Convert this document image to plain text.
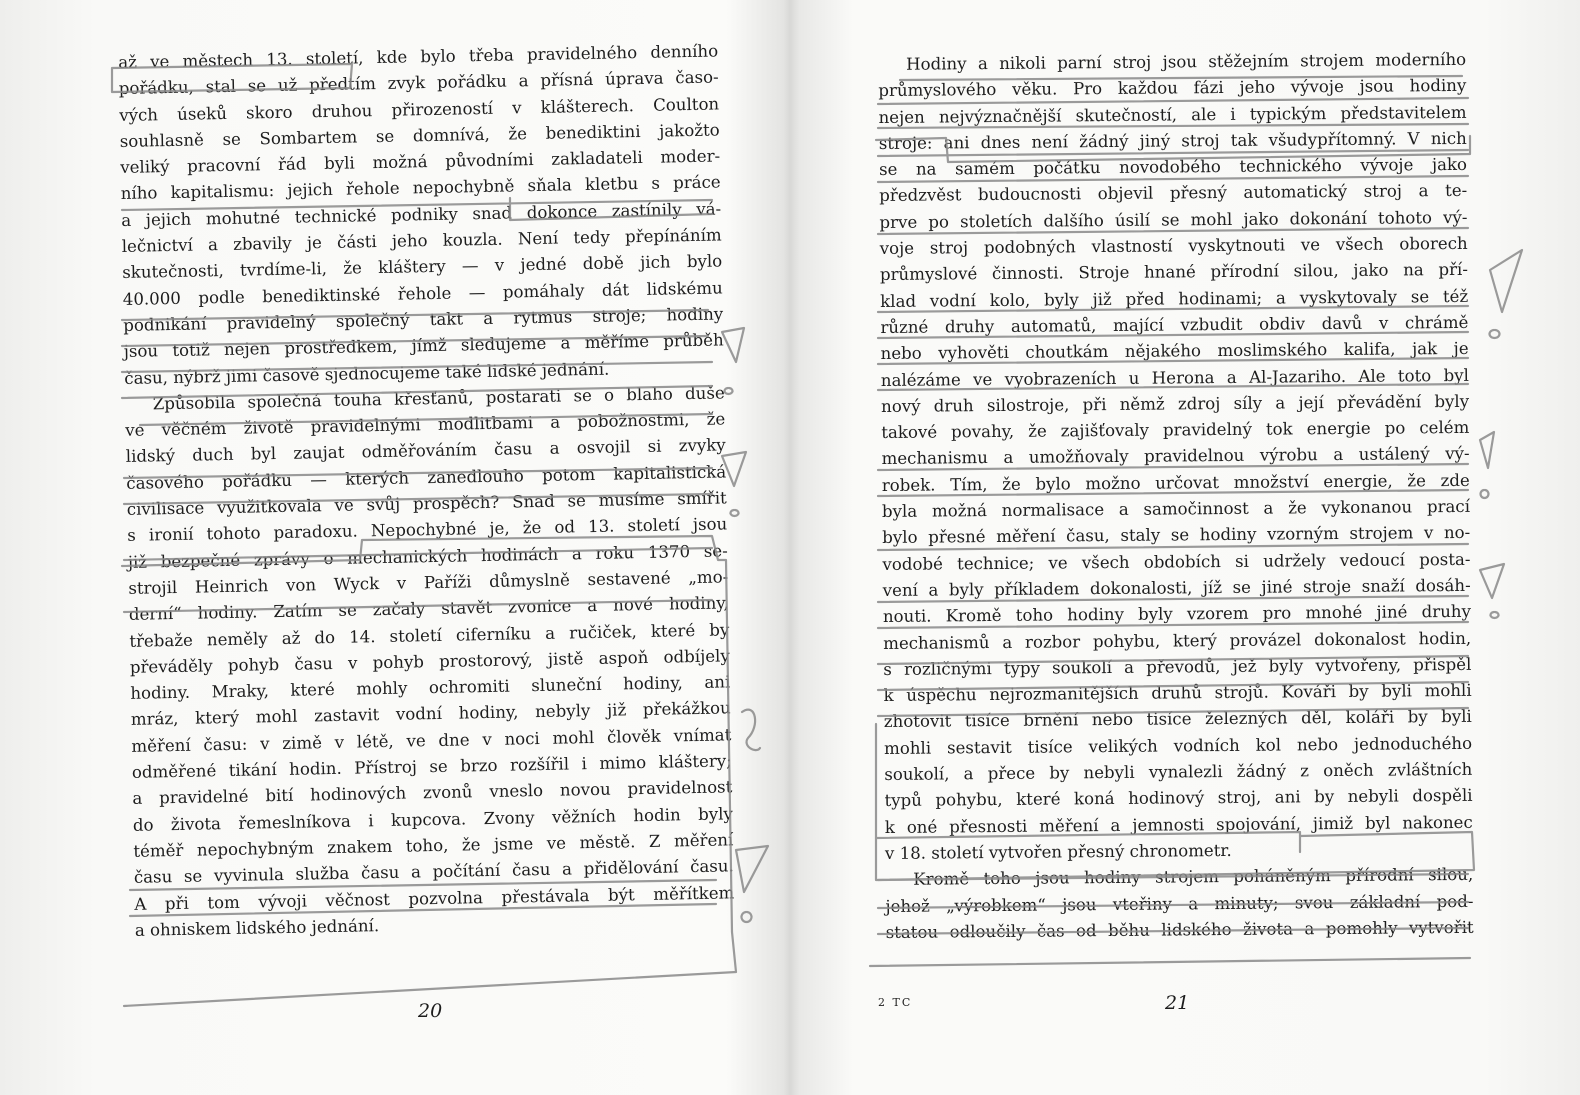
až ve městech 13. století, kde bylo třeba pravidelného denního
pořádku, stal se už předtím zvyk pořádku a přísná úprava časo-
vých úseků skoro druhou přirozeností v klášterech. Coulton
souhlasně se Sombartem se domnívá, že benediktini jakožto
veliký pracovní řád byli možná původními zakladateli moder-
ního kapitalismu: jejich řehole nepochybně sňala kletbu s práce
a jejich mohutné technické podniky snad dokonce zastínily vá-
lečnictví a zbavily je části jeho kouzla. Není tedy přepínáním
skutečnosti, tvrdíme-li, že kláštery — v jedné době jich bylo
40.000 podle benediktinské řehole — pomáhaly dát lidskému
podnikání pravidelný společný takt a rytmus stroje; hodiny
jsou totiž nejen prostředkem, jímž sledujeme a měříme průběh
času, nýbrž jimi časově sjednocujeme také lidské jednání.
Způsobila společná touha křesťanů, postarati se o blaho duše
ve věčném životě pravidelnými modlitbami a pobožnostmi, že
lidský duch byl zaujat odměřováním času a osvojil si zvyky
časového pořádku — kterých zanedlouho potom kapitalistická
civilisace využitkovala ve svůj prospěch? Snad se musíme smířit
s ironií tohoto paradoxu. Nepochybné je, že od 13. století jsou
již bezpečné zprávy o mechanických hodinách a roku 1370 se-
strojil Heinrich von Wyck v Paříži důmyslně sestavené „mo-
derní“ hodiny. Zatím se začaly stavět zvonice a nové hodiny,
třebaže neměly až do 14. století ciferníku a ručiček, které by
převáděly pohyb času v pohyb prostorový, jistě aspoň odbíjely
hodiny. Mraky, které mohly ochromiti sluneční hodiny, ani
mráz, který mohl zastavit vodní hodiny, nebyly již překážkou
měření času: v zimě v létě, ve dne v noci mohl člověk vnímat
odměřené tikání hodin. Přístroj se brzo rozšířil i mimo kláštery;
a pravidelné bití hodinových zvonů vneslo novou pravidelnost
do života řemeslníkova i kupcova. Zvony věžních hodin byly
téměř nepochybným znakem toho, že jsme ve městě. Z měření
času se vyvinula služba času a počítání času a přidělování času.
A při tom vývoji věčnost pozvolna přestávala být měřítkem
a ohniskem lidského jednání.
20
Hodiny a nikoli parní stroj jsou stěžejním strojem moderního
průmyslového věku. Pro každou fázi jeho vývoje jsou hodiny
nejen nejvýznačnější skutečností, ale i typickým představitelem
stroje: ani dnes není žádný jiný stroj tak všudypřítomný. V nich
se na samém počátku novodobého technického vývoje jako
předzvěst budoucnosti objevil přesný automatický stroj a te-
prve po stoletích dalšího úsilí se mohl jako dokonání tohoto vý-
voje stroj podobných vlastností vyskytnouti ve všech oborech
průmyslové činnosti. Stroje hnané přírodní silou, jako na pří-
klad vodní kolo, byly již před hodinami; a vyskytovaly se též
různé druhy automatů, mající vzbudit obdiv davů v chrámě
nebo vyhověti choutkám nějakého moslimského kalifa, jak je
nalézáme ve vyobrazeních u Herona a Al-Jazariho. Ale toto byl
nový druh silostroje, při němž zdroj síly a její převádění byly
takové povahy, že zajišťovaly pravidelný tok energie po celém
mechanismu a umožňovaly pravidelnou výrobu a ustálený vý-
robek. Tím, že bylo možno určovat množství energie, že zde
byla možná normalisace a samočinnost a že vykonanou prací
bylo přesné měření času, staly se hodiny vzorným strojem v no-
vodobé technice; ve všech obdobích si udržely vedoucí posta-
vení a byly příkladem dokonalosti, jíž se jiné stroje snaží dosáh-
nouti. Kromě toho hodiny byly vzorem pro mnohé jiné druhy
mechanismů a rozbor pohybu, který provázel dokonalost hodin,
s rozličnými typy soukolí a převodů, jež byly vytvořeny, přispěl
k úspěchu nejrozmanitějších druhů strojů. Kováři by byli mohli
zhotovit tisíce brnění nebo tisíce železných děl, koláři by byli
mohli sestavit tisíce velikých vodních kol nebo jednoduchého
soukolí, a přece by nebyli vynalezli žádný z oněch zvláštních
typů pohybu, které koná hodinový stroj, ani by nebyli dospěli
k oné přesnosti měření a jemnosti spojování, jimiž byl nakonec
v 18. století vytvořen přesný chronometr.
Kromě toho jsou hodiny strojem poháněným přírodní silou,
jehož „výrobkem“ jsou vteřiny a minuty; svou základní pod-
statou odloučily čas od běhu lidského života a pomohly vytvořit
2 TC	21
